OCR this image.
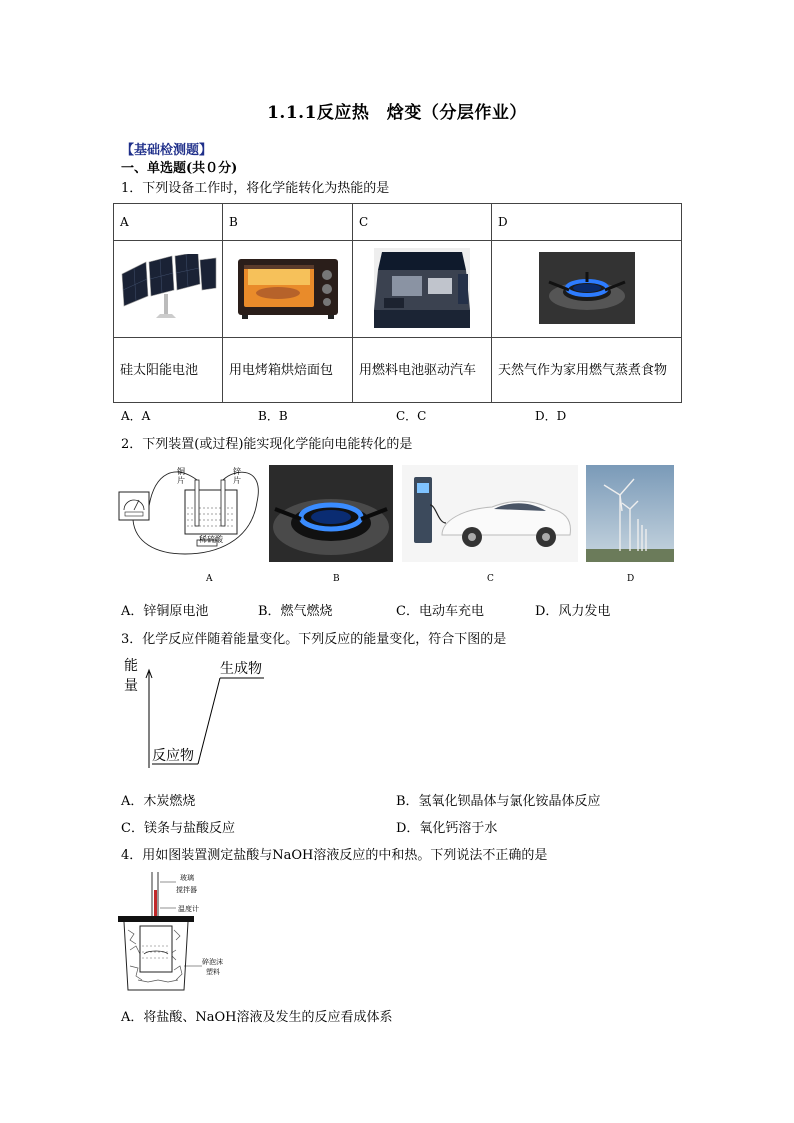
1.1.1反应热　焓变（分层作业）
【基础检测题】
一、单选题(共０分)
1．下列设备工作时，将化学能转化为热能的是
A	B	C	D

硅太阳能电池	用电烤箱烘焙面包	用燃料电池驱动汽车	天然气作为家用燃气蒸煮食物
A．A	B．B	C．C	D．D
2．下列装置(或过程)能实现化学能向电能转化的是
铜
片
锌
片
稀硫酸
A	B	C	D
A．锌铜原电池	B．燃气燃烧	C．电动车充电	D．风力发电
3．化学反应伴随着能量变化。下列反应的能量变化，符合下图的是
能
量
生成物
反应物
A．木炭燃烧	B．氢氧化钡晶体与氯化铵晶体反应
C．镁条与盐酸反应	D．氧化钙溶于水
4．用如图装置测定盐酸与NaOH溶液反应的中和热。下列说法不正确的是
玻璃
搅拌器
温度计
碎泡沫
塑料
A．将盐酸、NaOH溶液及发生的反应看成体系
